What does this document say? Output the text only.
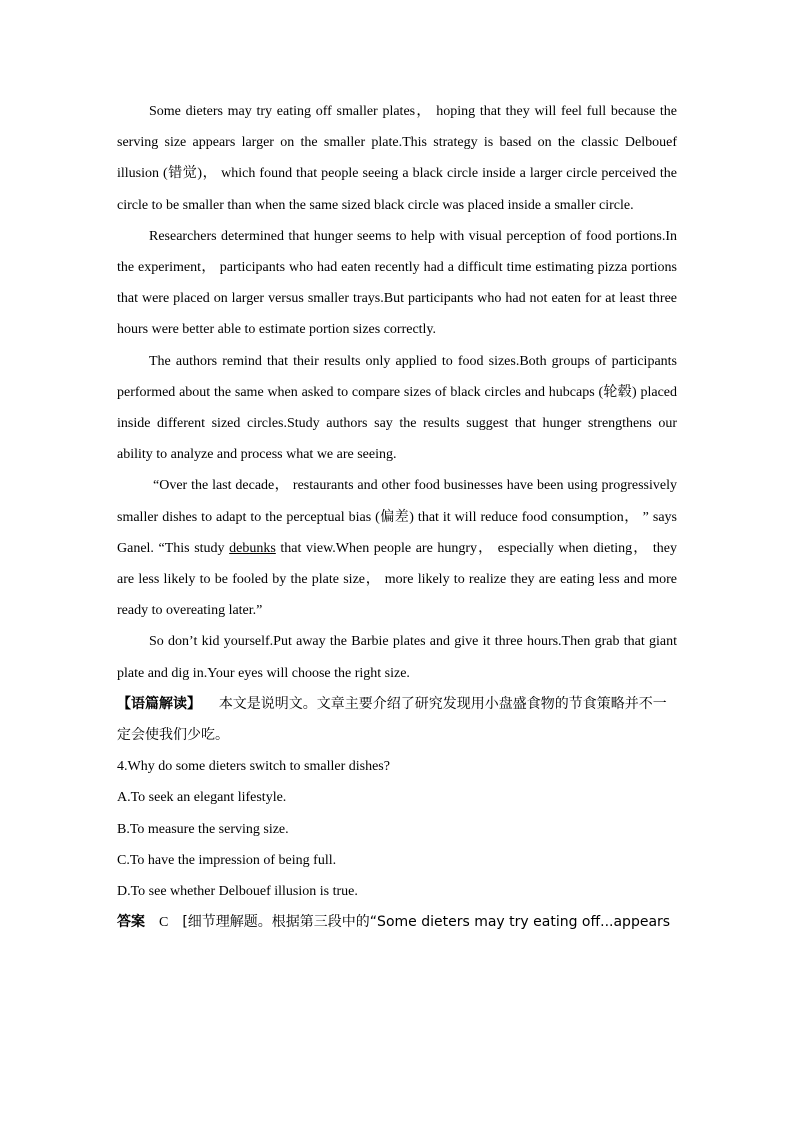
Some dieters may try eating off smaller plates， hoping that they will feel full because the serving size appears larger on the smaller plate.This strategy is based on the classic Delbouef illusion (错觉)， which found that people seeing a black circle inside a larger circle perceived the circle to be smaller than when the same sized black circle was placed inside a smaller circle.

Researchers determined that hunger seems to help with visual perception of food portions.In the experiment， participants who had eaten recently had a difficult time estimating pizza portions that were placed on larger versus smaller trays.But participants who had not eaten for at least three hours were better able to estimate portion sizes correctly.

The authors remind that their results only applied to food sizes.Both groups of participants performed about the same when asked to compare sizes of black circles and hubcaps (轮毂) placed inside different sized circles.Study authors say the results suggest that hunger strengthens our ability to analyze and process what we are seeing.

“Over the last decade， restaurants and other food businesses have been using progressively smaller dishes to adapt to the perceptual bias (偏差) that it will reduce food consumption， ” says Ganel. “This study debunks that view.When people are hungry， especially when dieting， they are less likely to be fooled by the plate size， more likely to realize they are eating less and more ready to overeating later.”

So don’t kid yourself.Put away the Barbie plates and give it three hours.Then grab that giant plate and dig in.Your eyes will choose the right size.

【语篇解读】 本文是说明文。文章主要介绍了研究发现用小盘盛食物的节食策略并不一定会使我们少吃。

4.Why do some dieters switch to smaller dishes?

A.To seek an elegant lifestyle.

B.To measure the serving size.

C.To have the impression of being full.

D.To see whether Delbouef illusion is true.

答案 C [细节理解题。根据第三段中的“Some dieters may try eating off...appears
